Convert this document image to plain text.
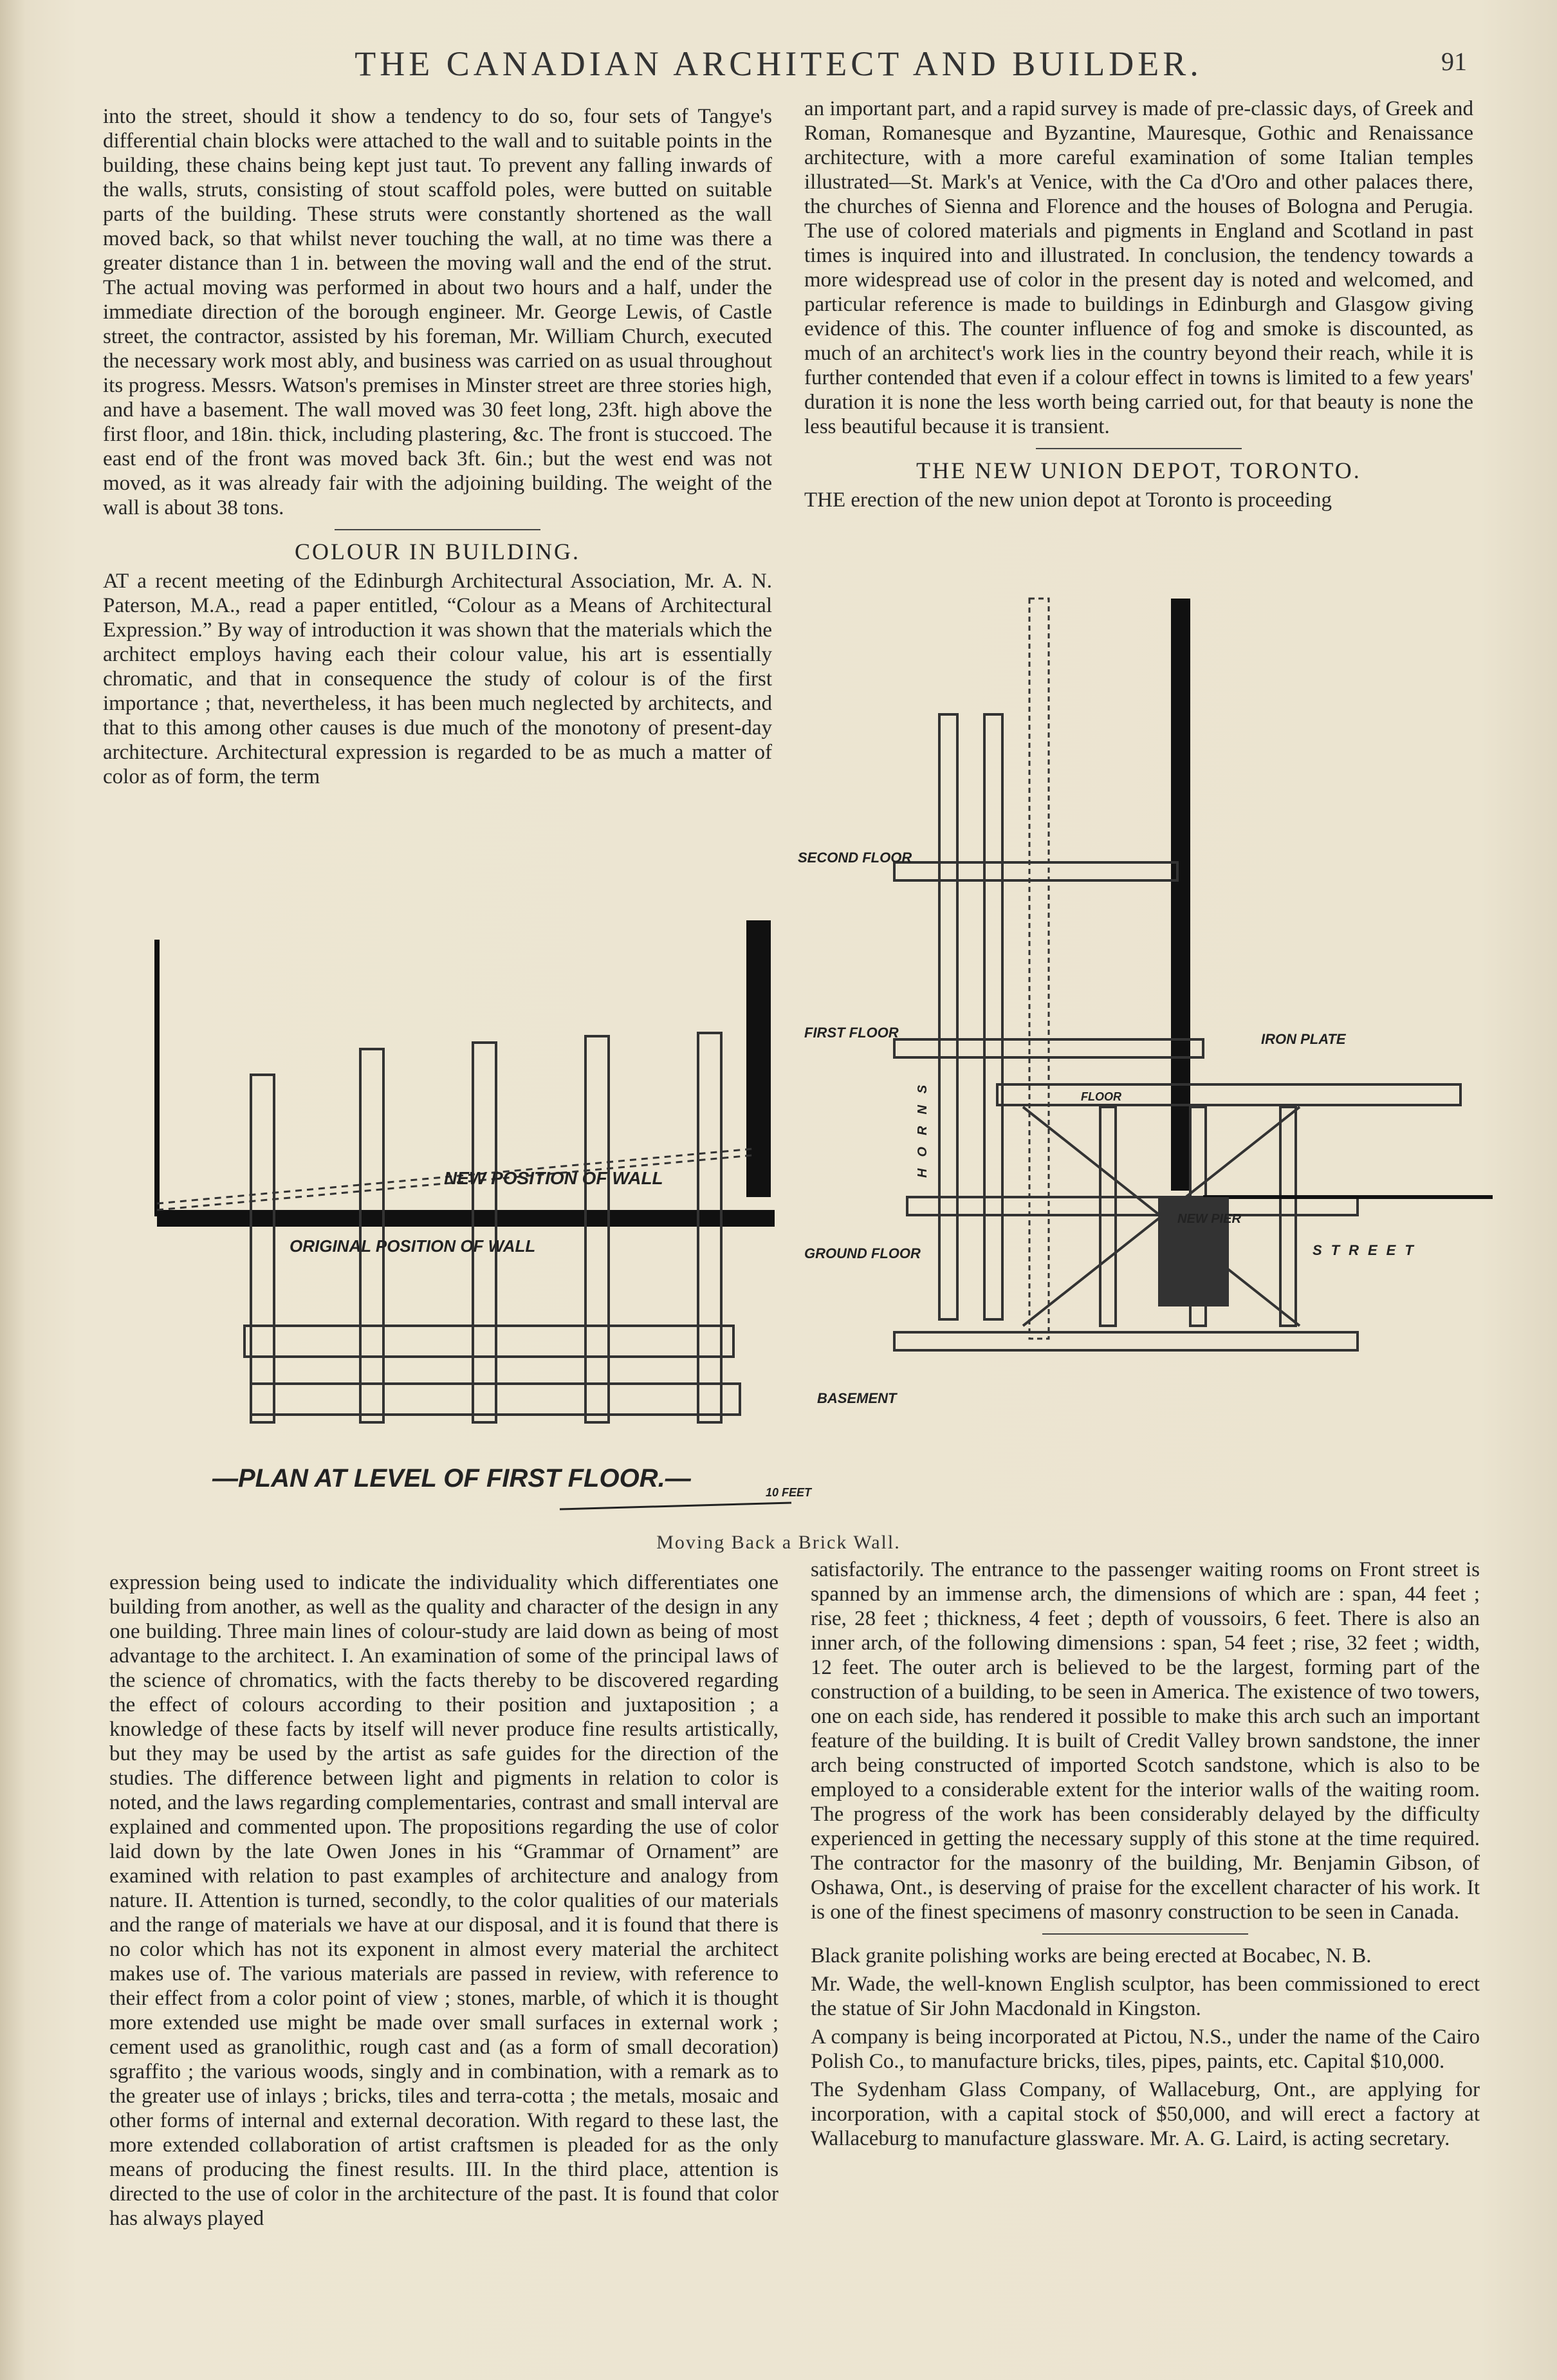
THE CANADIAN ARCHITECT AND BUILDER.	91

into the street, should it show a tendency to do so, four sets of Tangye's differential chain blocks were attached to the wall and to suitable points in the building, these chains being kept just taut. To prevent any falling inwards of the walls, struts, consisting of stout scaffold poles, were butted on suitable parts of the building. These struts were constantly shortened as the wall moved back, so that whilst never touching the wall, at no time was there a greater distance than 1 in. between the moving wall and the end of the strut. The actual moving was performed in about two hours and a half, under the immediate direction of the borough engineer. Mr. George Lewis, of Castle street, the contractor, assisted by his foreman, Mr. William Church, executed the necessary work most ably, and business was carried on as usual throughout its progress. Messrs. Watson's premises in Minster street are three stories high, and have a basement. The wall moved was 30 feet long, 23ft. high above the first floor, and 18in. thick, including plastering, &c. The front is stuccoed. The east end of the front was moved back 3ft. 6in.; but the west end was not moved, as it was already fair with the adjoining building. The weight of the wall is about 38 tons.

COLOUR IN BUILDING.

AT a recent meeting of the Edinburgh Architectural Association, Mr. A. N. Paterson, M.A., read a paper entitled, “Colour as a Means of Architectural Expression.” By way of introduction it was shown that the materials which the architect employs having each their colour value, his art is essentially chromatic, and that in consequence the study of colour is of the first importance ; that, nevertheless, it has been much neglected by architects, and that to this among other causes is due much of the monotony of present-day architecture. Architectural expression is regarded to be as much a matter of color as of form, the term

an important part, and a rapid survey is made of pre-classic days, of Greek and Roman, Romanesque and Byzantine, Mauresque, Gothic and Renaissance architecture, with a more careful examination of some Italian temples illustrated—St. Mark's at Venice, with the Ca d'Oro and other palaces there, the churches of Sienna and Florence and the houses of Bologna and Perugia. The use of colored materials and pigments in England and Scotland in past times is inquired into and illustrated. In conclusion, the tendency towards a more widespread use of color in the present day is noted and welcomed, and particular reference is made to buildings in Edinburgh and Glasgow giving evidence of this. The counter influence of fog and smoke is discounted, as much of an architect's work lies in the country beyond their reach, while it is further contended that even if a colour effect in towns is limited to a few years' duration it is none the less worth being carried out, for that beauty is none the less beautiful because it is transient.

THE NEW UNION DEPOT, TORONTO.

THE erection of the new union depot at Toronto is proceeding

NEW POSITION OF WALL
ORIGINAL POSITION OF WALL
—PLAN AT LEVEL OF FIRST FLOOR.—	10 FEET
SECOND FLOOR
FIRST FLOOR
GROUND FLOOR
BASEMENT
IRON PLATE
NEW PIER
STREET
FLOOR
HORNS
Moving Back a Brick Wall.

expression being used to indicate the individuality which differentiates one building from another, as well as the quality and character of the design in any one building. Three main lines of colour-study are laid down as being of most advantage to the architect. I. An examination of some of the principal laws of the science of chromatics, with the facts thereby to be discovered regarding the effect of colours according to their position and juxtaposition ; a knowledge of these facts by itself will never produce fine results artistically, but they may be used by the artist as safe guides for the direction of the studies. The difference between light and pigments in relation to color is noted, and the laws regarding complementaries, contrast and small interval are explained and commented upon. The propositions regarding the use of color laid down by the late Owen Jones in his “Grammar of Ornament” are examined with relation to past examples of architecture and analogy from nature. II. Attention is turned, secondly, to the color qualities of our materials and the range of materials we have at our disposal, and it is found that there is no color which has not its exponent in almost every material the architect makes use of. The various materials are passed in review, with reference to their effect from a color point of view ; stones, marble, of which it is thought more extended use might be made over small surfaces in external work ; cement used as granolithic, rough cast and (as a form of small decoration) sgraffito ; the various woods, singly and in combination, with a remark as to the greater use of inlays ; bricks, tiles and terra-cotta ; the metals, mosaic and other forms of internal and external decoration. With regard to these last, the more extended collaboration of artist craftsmen is pleaded for as the only means of producing the finest results. III. In the third place, attention is directed to the use of color in the architecture of the past. It is found that color has always played

satisfactorily. The entrance to the passenger waiting rooms on Front street is spanned by an immense arch, the dimensions of which are : span, 44 feet ; rise, 28 feet ; thickness, 4 feet ; depth of voussoirs, 6 feet. There is also an inner arch, of the following dimensions : span, 54 feet ; rise, 32 feet ; width, 12 feet. The outer arch is believed to be the largest, forming part of the construction of a building, to be seen in America. The existence of two towers, one on each side, has rendered it possible to make this arch such an important feature of the building. It is built of Credit Valley brown sandstone, the inner arch being constructed of imported Scotch sandstone, which is also to be employed to a considerable extent for the interior walls of the waiting room. The progress of the work has been considerably delayed by the difficulty experienced in getting the necessary supply of this stone at the time required. The contractor for the masonry of the building, Mr. Benjamin Gibson, of Oshawa, Ont., is deserving of praise for the excellent character of his work. It is one of the finest specimens of masonry construction to be seen in Canada.

Black granite polishing works are being erected at Bocabec, N. B.

Mr. Wade, the well-known English sculptor, has been commissioned to erect the statue of Sir John Macdonald in Kingston.

A company is being incorporated at Pictou, N.S., under the name of the Cairo Polish Co., to manufacture bricks, tiles, pipes, paints, etc. Capital $10,000.

The Sydenham Glass Company, of Wallaceburg, Ont., are applying for incorporation, with a capital stock of $50,000, and will erect a factory at Wallaceburg to manufacture glassware. Mr. A. G. Laird, is acting secretary.
